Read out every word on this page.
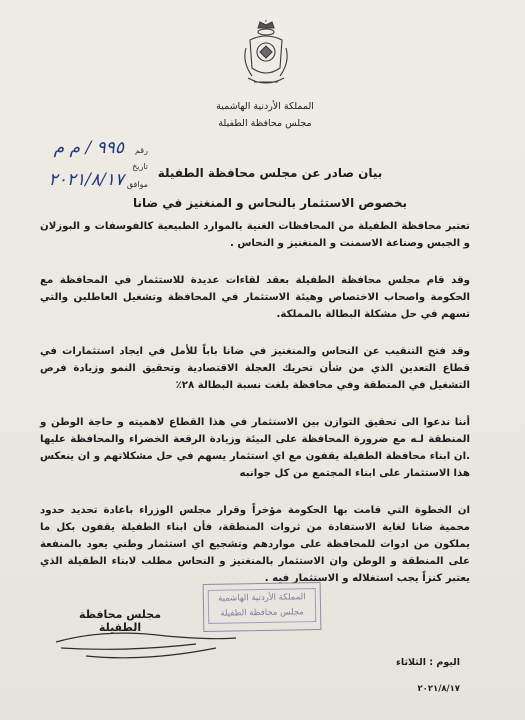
♛
المملكة الأردنية الهاشمية
مجلس محافظة الطفيلة
رقم
٩٩٥ / م م
تاريخ
موافق
٢٠٢١/٨/١٧	بيان صادر عن مجلس محافظة الطفيلة
بخصوص الاستثمار بالنحاس و المنغنيز في ضانا

تعتبر محافظة الطفيلة من المحافظات الغنية بالموارد الطبيعية كالفوسفات و البوزلان و الجبس وصناعة الاسمنت و المنغنيز و النحاس .

وقد قام مجلس محافظة الطفيلة بعقد لقاءات عديدة للاستثمار في المحافظة مع الحكومة واصحاب الاختصاص وهيئة الاستثمار في المحافظة وتشغيل العاطلين والتي تسهم في حل مشكلة البطالة بالمملكة.

وقد فتح التنقيب عن النحاس والمنغنيز في ضانا باباً للأمل في ايجاد استثمارات في قطاع التعدين الذي من شأن تحريك العجلة الاقتصادية وتحقيق النمو وزيادة فرص التشغيل في المنطقة وفي محافظة بلغت نسبة البطالة ٢٨٪

أننا ندعوا الى تحقيق التوازن بين الاستثمار في هذا القطاع لاهميته و حاجة الوطن و المنطقة لـه مع ضرورة المحافظة على البيئة وزيادة الرقعة الخضراء والمحافظة عليها .ان ابناء محافظة الطفيلة يقفون مع اي استثمار يسهم في حل مشكلاتهم و ان ينعكس هذا الاستثمار على ابناء المجتمع من كل جوانبه

ان الخطوة التي قامت بها الحكومة مؤخراً وقرار مجلس الوزراء باعادة تحديد حدود محمية ضانا لغاية الاستفادة من ثروات المنطقة، فأن ابناء الطفيلة يقفون بكل ما يملكون من ادوات للمحافظة على مواردهم وتشجيع اي استثمار وطني يعود بالمنفعة على المنطقة و الوطن وان الاستثمار بالمنغنيز و النحاس مطلب لابناء الطفيلة الذي يعتبر كنزاً يجب استغلاله و الاستثمار فيه .

المملكة الأردنية الهاشمية
مجلس محافظة الطفيلة
مجلس محافظة الطفيلة
اليوم : الثلاثاء
٢٠٢١/٨/١٧
